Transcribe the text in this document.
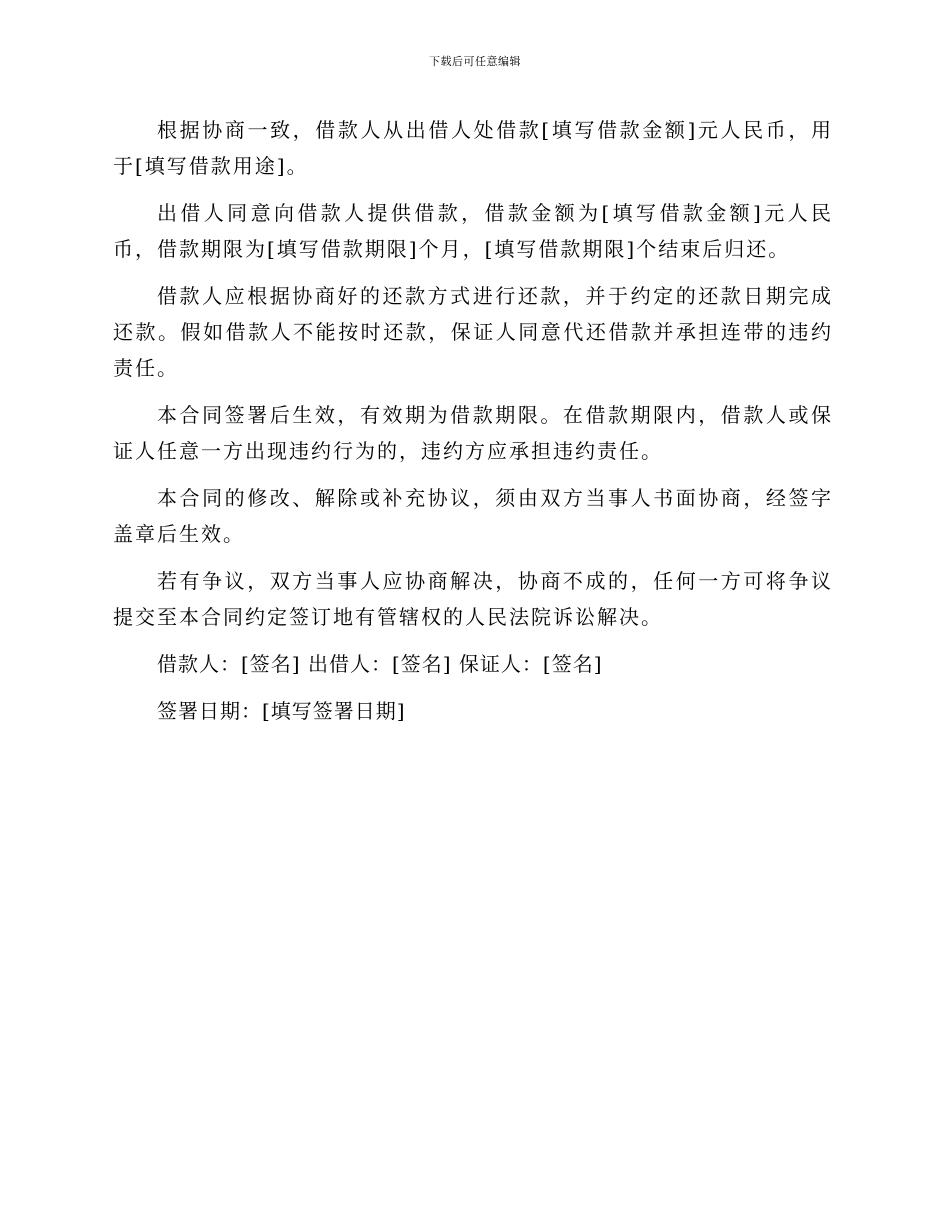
下载后可任意编辑

根据协商一致，借款人从出借人处借款[填写借款金额]元人民币，用于[填写借款用途]。

出借人同意向借款人提供借款，借款金额为[填写借款金额]元人民币，借款期限为[填写借款期限]个月，[填写借款期限]个结束后归还。

借款人应根据协商好的还款方式进行还款，并于约定的还款日期完成还款。假如借款人不能按时还款，保证人同意代还借款并承担连带的违约责任。

本合同签署后生效，有效期为借款期限。在借款期限内，借款人或保证人任意一方出现违约行为的，违约方应承担违约责任。

本合同的修改、解除或补充协议，须由双方当事人书面协商，经签字盖章后生效。

若有争议，双方当事人应协商解决，协商不成的，任何一方可将争议提交至本合同约定签订地有管辖权的人民法院诉讼解决。

借款人：[签名] 出借人：[签名] 保证人：[签名]

签署日期：[填写签署日期]
